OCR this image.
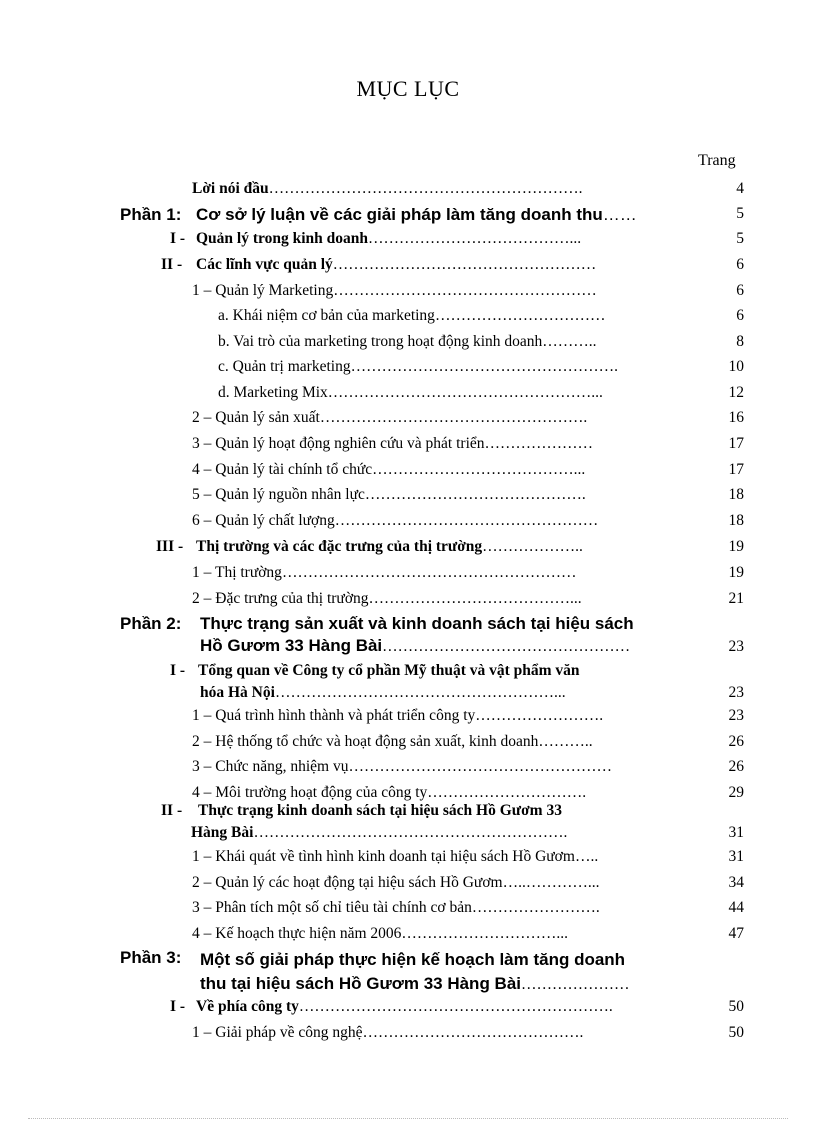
MỤC LỤC
Trang
Lời nói đầu…………………………………………………….	4
Phần 1: Cơ sở lý luận về các giải pháp làm tăng doanh thu……	5
I - Quản lý trong kinh doanh…………………………………...	5
II - Các lĩnh vực quản lý……………………………………………	6
1 – Quản lý Marketing……………………………………………	6
a. Khái niệm cơ bản của marketing……………………………	6
b. Vai trò của marketing trong hoạt động kinh doanh………..	8
c. Quản trị marketing…………………………………………….	10
d. Marketing Mix……………………………………………...	12
2 – Quản lý sản xuất…………………………………………….	16
3 – Quản lý hoạt động nghiên cứu và phát triển…………………	17
4 – Quản lý tài chính tổ chức…………………………………...	17
5 – Quản lý nguồn nhân lực…………………………………….	18
6 – Quản lý chất lượng……………………………………………	18
III - Thị trường và các đặc trưng của thị trường………………..	19
1 – Thị trường…………………………………………………	19
2 – Đặc trưng của thị trường…………………………………...	21
Phần 2: Thực trạng sản xuất và kinh doanh sách tại hiệu sách
Hồ Gươm 33 Hàng Bài…………………………………………	23
I - Tổng quan về Công ty cổ phần Mỹ thuật và vật phẩm văn
hóa Hà Nội………………………………………………...	23
1 – Quá trình hình thành và phát triển công ty…………………….	23
2 – Hệ thống tổ chức và hoạt động sản xuất, kinh doanh………..	26
3 – Chức năng, nhiệm vụ……………………………………………	26
4 – Môi trường hoạt động của công ty………………………….	29
II - Thực trạng kinh doanh sách tại hiệu sách Hồ Gươm 33
Hàng Bài…………………………………………………….	31
1 – Khái quát về tình hình kinh doanh tại hiệu sách Hồ Gươm…..	31
2 – Quản lý các hoạt động tại hiệu sách Hồ Gươm…..…………...	34
3 – Phân tích một số chỉ tiêu tài chính cơ bản…………………….	44
4 – Kế hoạch thực hiện năm 2006…………………………...	47
Phần 3: Một số giải pháp thực hiện kế hoạch làm tăng doanh
thu tại hiệu sách Hồ Gươm 33 Hàng Bài…………………
I - Về phía công ty…………………………………………………….	50
1 – Giải pháp về công nghệ…………………………………….	50
